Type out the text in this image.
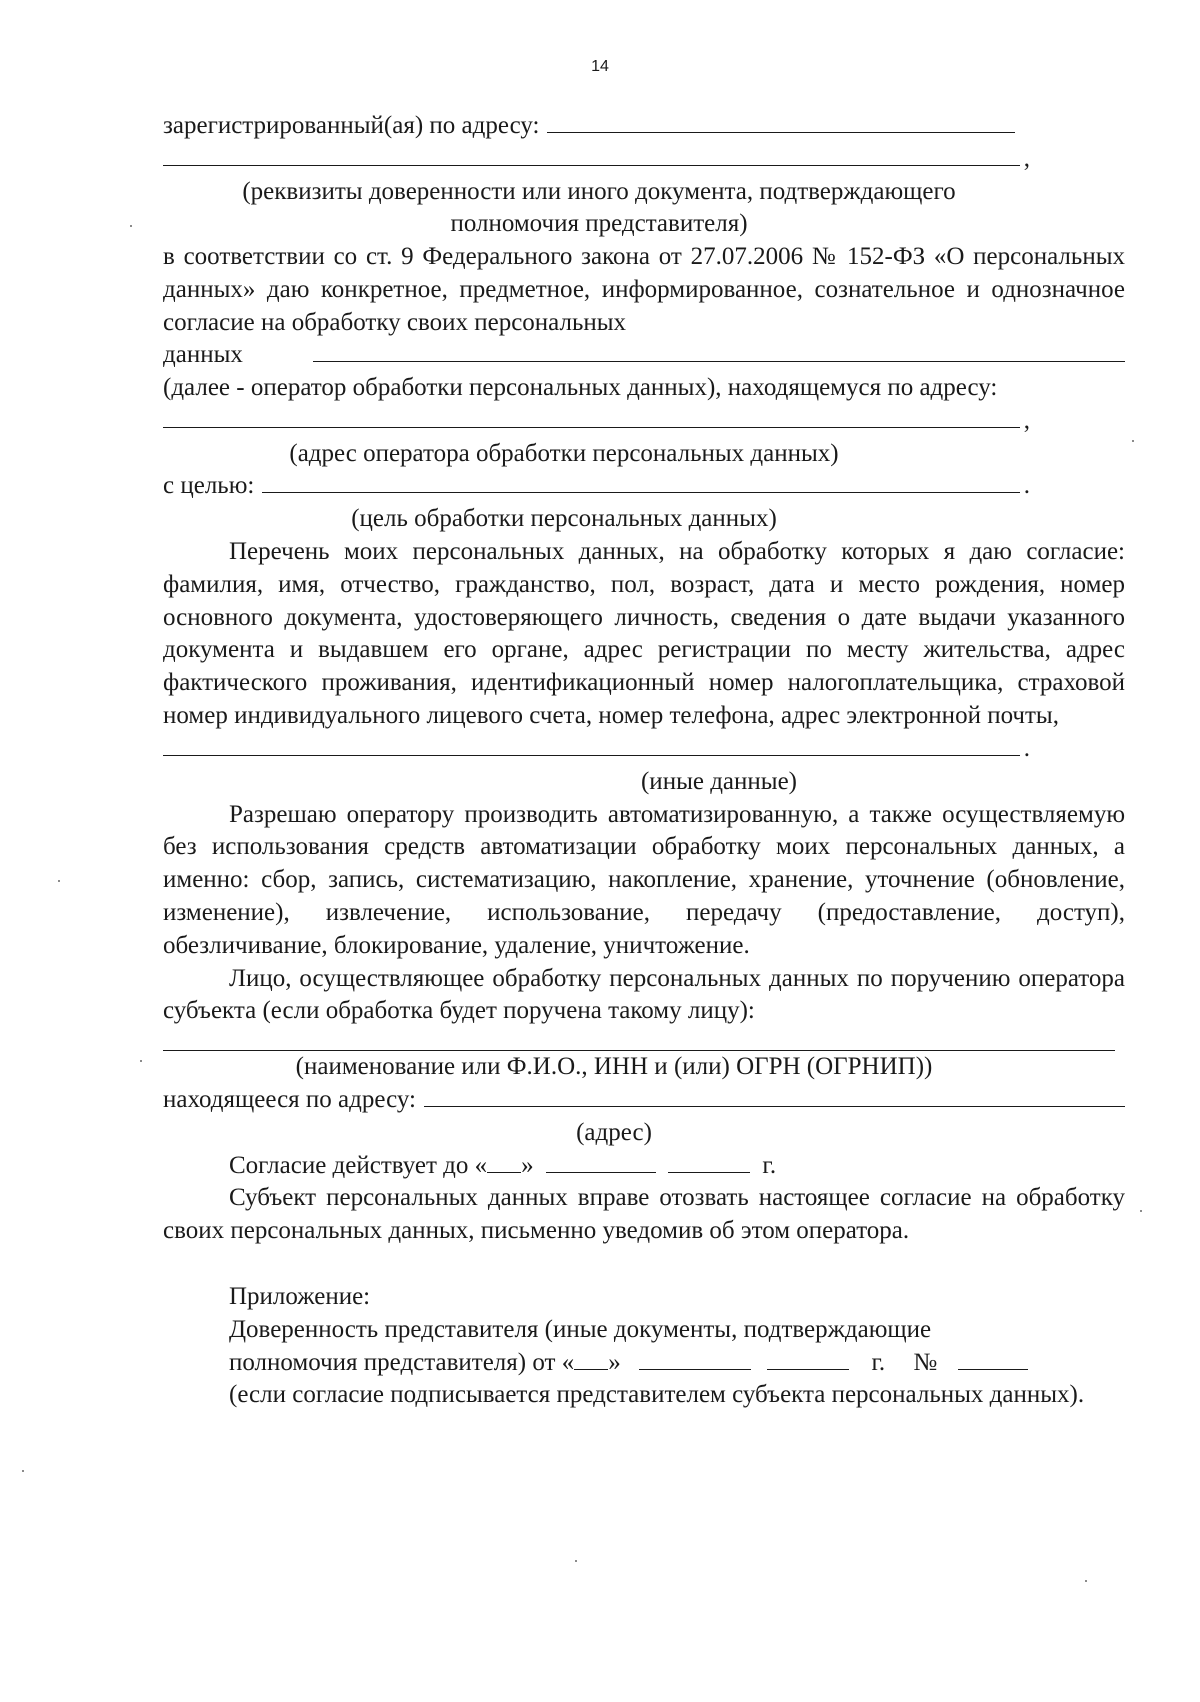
14
зарегистрированный(ая) по адресу:
,
(реквизиты доверенности или иного документа, подтверждающего
полномочия представителя)
в соответствии со ст. 9 Федерального закона от 27.07.2006 № 152-ФЗ «О персональных данных» даю конкретное, предметное, информированное, сознательное и однозначное согласие на обработку своих персональных
данных
(далее - оператор обработки персональных данных), находящемуся по адресу:
,
(адрес оператора обработки персональных данных)
с целью:	.
(цель обработки персональных данных)
Перечень моих персональных данных, на обработку которых я даю согласие: фамилия, имя, отчество, гражданство, пол, возраст, дата и место рождения, номер основного документа, удостоверяющего личность, сведения о дате выдачи указанного документа и выдавшем его органе, адрес регистрации по месту жительства, адрес фактического проживания, идентификационный номер налогоплательщика, страховой номер индивидуального лицевого счета, номер телефона, адрес электронной почты,
.
(иные данные)
Разрешаю оператору производить автоматизированную, а также осуществляемую без использования средств автоматизации обработку моих персональных данных, а именно: сбор, запись, систематизацию, накопление, хранение, уточнение (обновление, изменение), извлечение, использование, передачу (предоставление, доступ), обезличивание, блокирование, удаление, уничтожение.
Лицо, осуществляющее обработку персональных данных по поручению оператора субъекта (если обработка будет поручена такому лицу):
(наименование или Ф.И.О., ИНН и (или) ОГРН (ОГРНИП))
находящееся по адресу:
(адрес)
Согласие действует до « »	г.
Субъект персональных данных вправе отозвать настоящее согласие на обработку своих персональных данных, письменно уведомив об этом оператора.
Приложение:
Доверенность представителя (иные документы, подтверждающие
полномочия представителя) от « »	г. №
(если согласие подписывается представителем субъекта персональных данных).
